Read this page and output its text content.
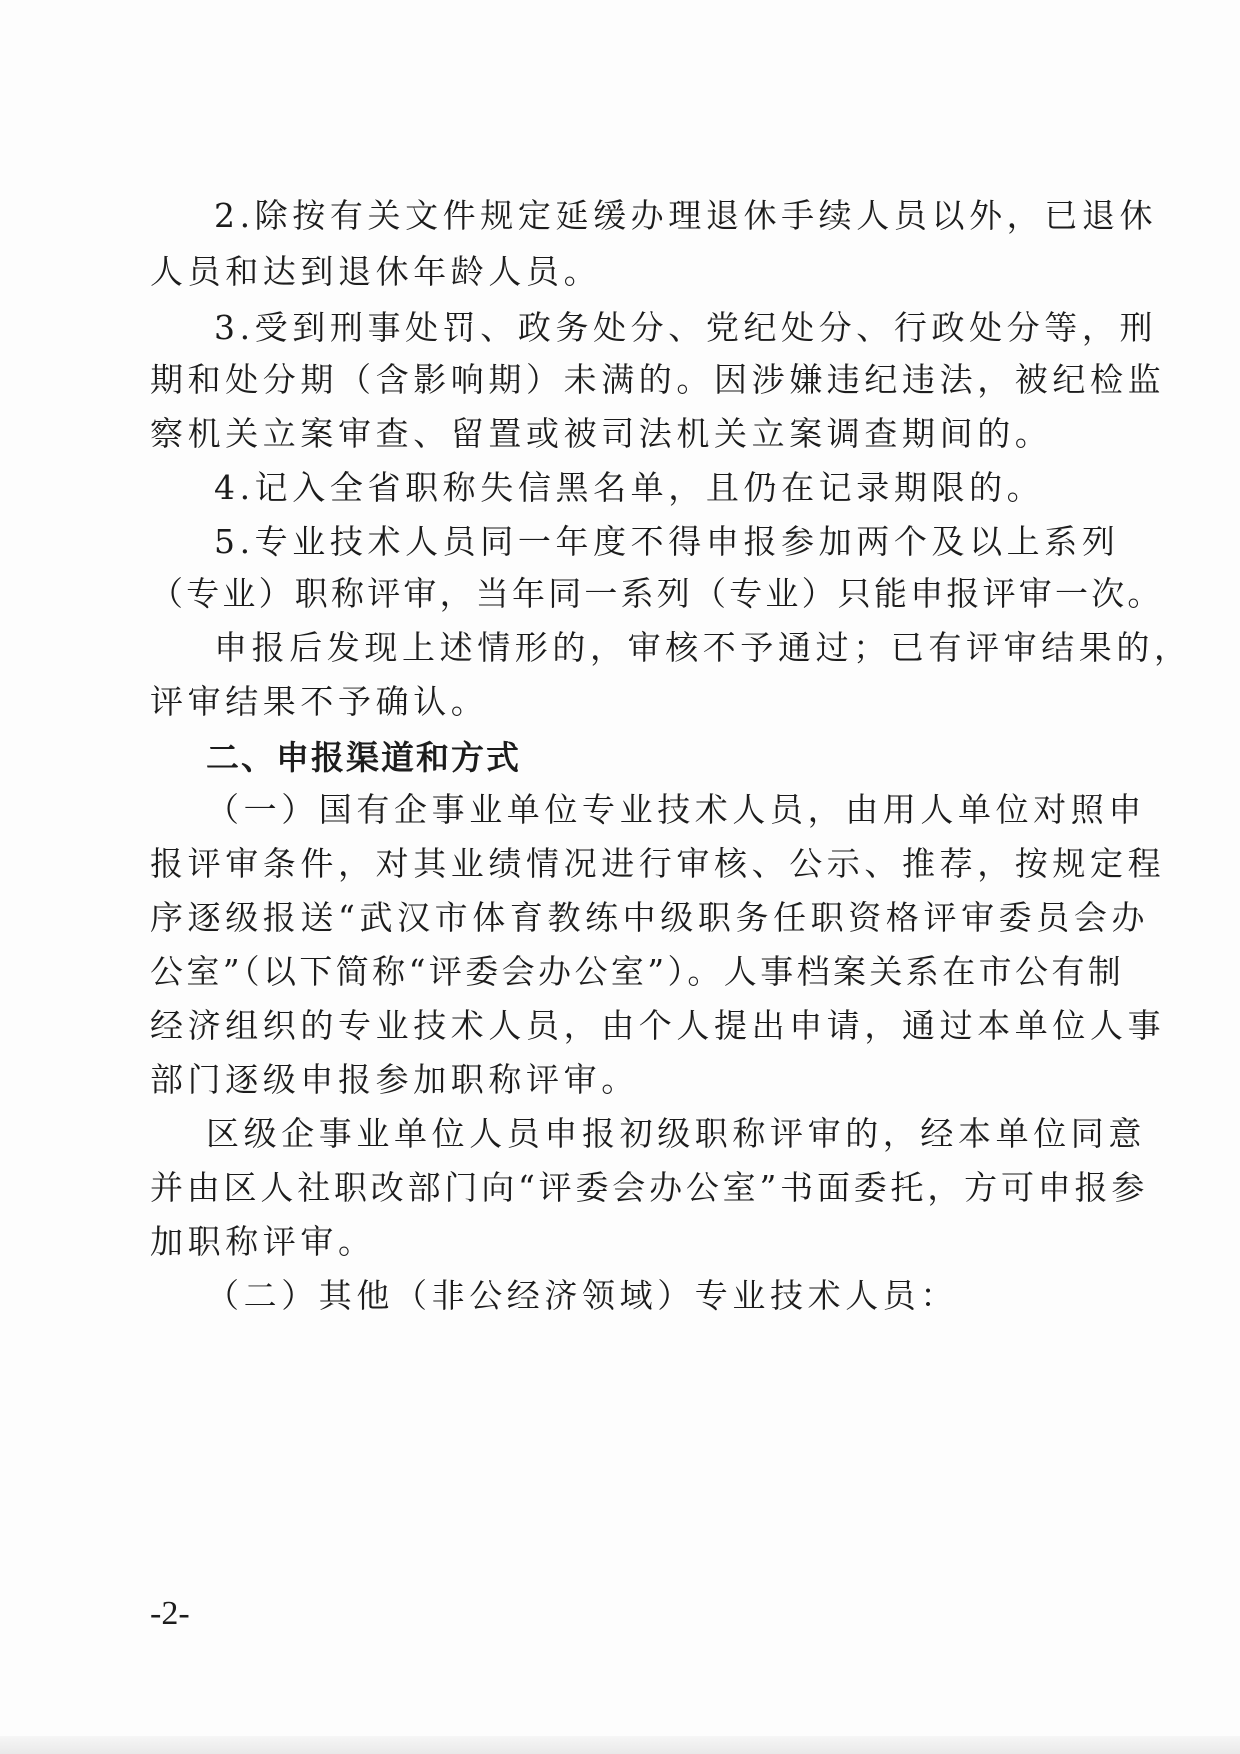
2.除按有关文件规定延缓办理退休手续人员以外，已退休
人员和达到退休年龄人员。
3.受到刑事处罚、政务处分、党纪处分、行政处分等，刑
期和处分期（含影响期）未满的。因涉嫌违纪违法，被纪检监
察机关立案审查、留置或被司法机关立案调查期间的。
4.记入全省职称失信黑名单，且仍在记录期限的。
5.专业技术人员同一年度不得申报参加两个及以上系列
（专业）职称评审，当年同一系列（专业）只能申报评审一次。
申报后发现上述情形的，审核不予通过；已有评审结果的，
评审结果不予确认。
二、申报渠道和方式
（一）国有企事业单位专业技术人员，由用人单位对照申
报评审条件，对其业绩情况进行审核、公示、推荐，按规定程
序逐级报送“武汉市体育教练中级职务任职资格评审委员会办
公室”（以下简称“评委会办公室”）。人事档案关系在市公有制
经济组织的专业技术人员，由个人提出申请，通过本单位人事
部门逐级申报参加职称评审。
区级企事业单位人员申报初级职称评审的，经本单位同意
并由区人社职改部门向“评委会办公室”书面委托，方可申报参
加职称评审。
（二）其他（非公经济领域）专业技术人员：
-2-
